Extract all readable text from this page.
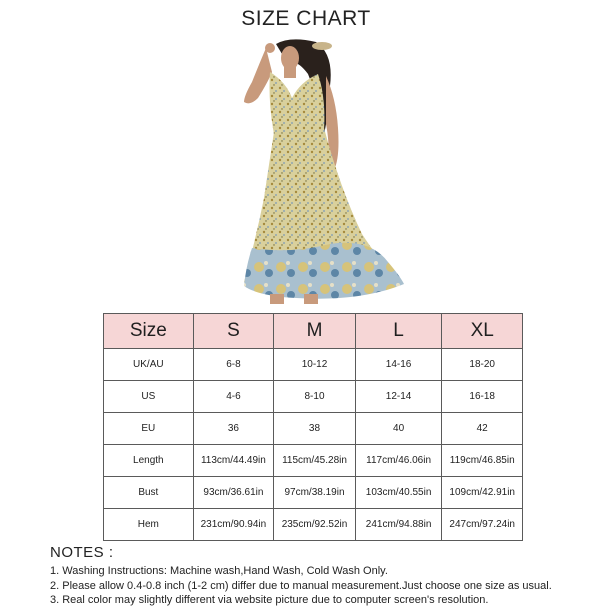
SIZE CHART
Size	S	M	L	XL
UK/AU	6-8	10-12	14-16	18-20
US	4-6	8-10	12-14	16-18
EU	36	38	40	42
Length	113cm/44.49in	115cm/45.28in	117cm/46.06in	119cm/46.85in
Bust	93cm/36.61in	97cm/38.19in	103cm/40.55in	109cm/42.91in
Hem	231cm/90.94in	235cm/92.52in	241cm/94.88in	247cm/97.24in

NOTES :

1. Washing Instructions: Machine wash,Hand Wash, Cold Wash Only.

2. Please allow 0.4-0.8 inch (1-2 cm) differ due to manual measurement.Just choose one size as usual.

3. Real color may slightly different via website picture due to computer screen's resolution.
